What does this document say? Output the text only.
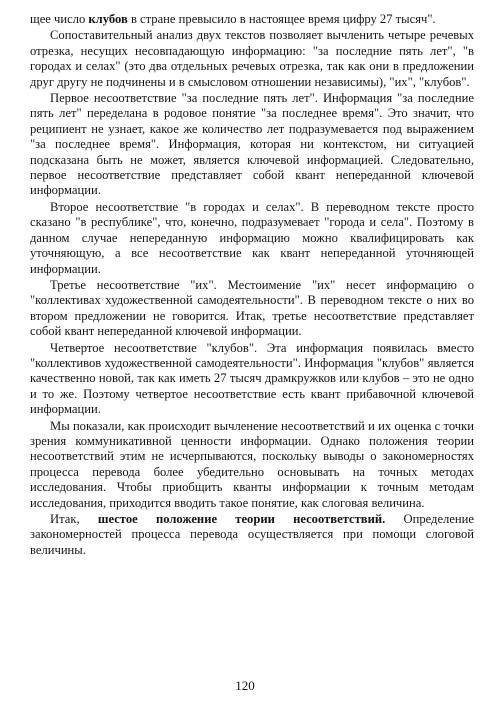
щее число клубов в стране превысило в настоящее время цифру 27 тысяч".

Сопоставительный анализ двух текстов позволяет вычленить четыре речевых отрезка, несущих несовпадающую информацию: "за последние пять лет", "в городах и селах" (это два отдельных речевых отрезка, так как они в предложении друг другу не подчинены и в смысловом отношении независимы), "их", "клубов".

Первое несоответствие "за последние пять лет". Информация "за последние пять лет" переделана в родовое понятие "за последнее время". Это значит, что реципиент не узнает, какое же количество лет подразумевается под выражением "за последнее время". Информация, которая ни контекстом, ни ситуацией подсказана быть не может, является ключевой информацией. Следовательно, первое несоответствие представляет собой квант непереданной ключевой информации.

Второе несоответствие "в городах и селах". В переводном тексте просто сказано "в республике", что, конечно, подразумевает "города и села". Поэтому в данном случае непереданную информацию можно квалифицировать как уточняющую, а все несоответствие как квант непереданной уточняющей информации.

Третье несоответствие "их". Местоимение "их" несет информацию о "коллективах художественной самодеятельности". В переводном тексте о них во втором предложении не говорится. Итак, третье несоответствие представляет собой квант непереданной ключевой информации.

Четвертое несоответствие "клубов". Эта информация появилась вместо "коллективов художественной самодеятельности". Информация "клубов" является качественно новой, так как иметь 27 тысяч драмкружков или клубов – это не одно и то же. Поэтому четвертое несоответствие есть квант прибавочной ключевой информации.

Мы показали, как происходит вычленение несоответствий и их оценка с точки зрения коммуникативной ценности информации. Однако положения теории несоответствий этим не исчерпываются, поскольку выводы о закономерностях процесса перевода более убедительно основывать на точных методах исследования. Чтобы приобщить кванты информации к точным методам исследования, приходится вводить такое понятие, как слоговая величина.

Итак, шестое положение теории несоответствий. Определение закономерностей процесса перевода осуществляется при помощи слоговой величины.

120
